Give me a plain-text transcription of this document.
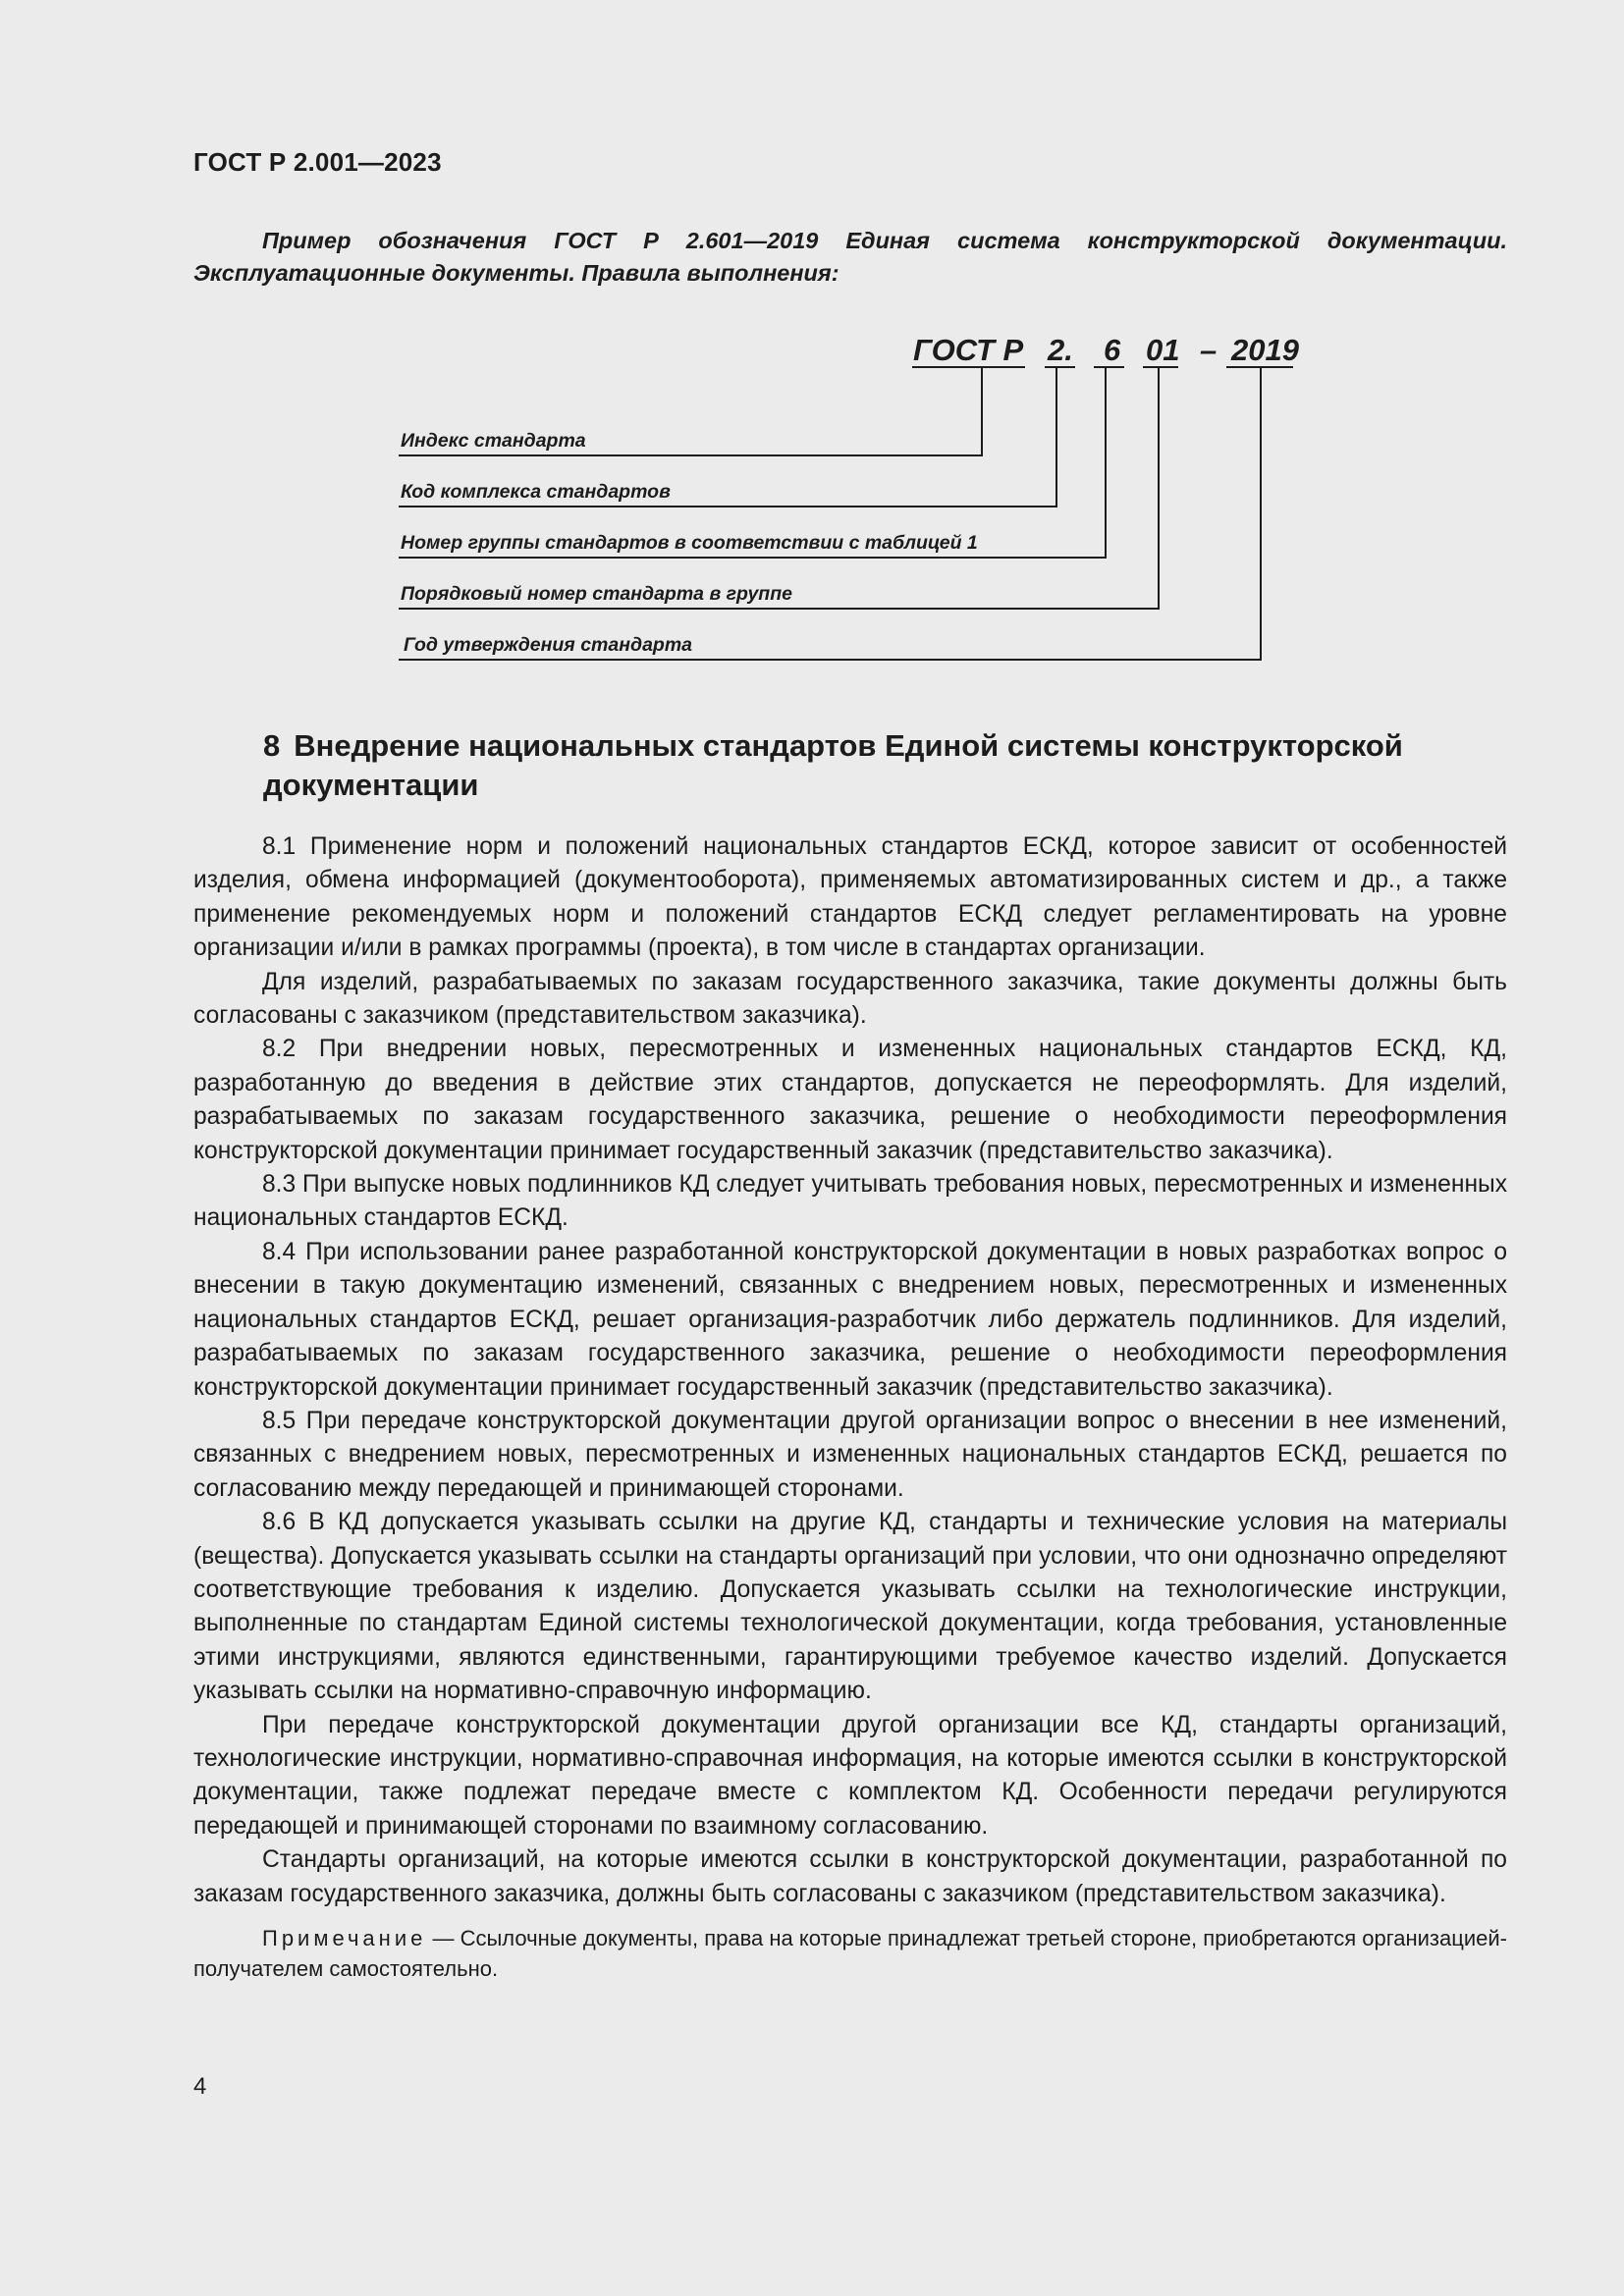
ГОСТ Р 2.001—2023

Пример обозначения ГОСТ Р 2.601—2019 Единая система конструкторской документации. Эксплуатационные документы. Правила выполнения:

ГОСТ Р 2. 6 01 – 2019
Индекс стандарта
Код комплекса стандартов
Номер группы стандартов в соответствии с таблицей 1
Порядковый номер стандарта в группе
Год утверждения стандарта
8 Внедрение национальных стандартов Единой системы конструкторской документации

8.1 Применение норм и положений национальных стандартов ЕСКД, которое зависит от особенностей изделия, обмена информацией (документооборота), применяемых автоматизированных систем и др., а также применение рекомендуемых норм и положений стандартов ЕСКД следует регламентировать на уровне организации и/или в рамках программы (проекта), в том числе в стандартах организации.

Для изделий, разрабатываемых по заказам государственного заказчика, такие документы должны быть согласованы с заказчиком (представительством заказчика).

8.2 При внедрении новых, пересмотренных и измененных национальных стандартов ЕСКД, КД, разработанную до введения в действие этих стандартов, допускается не переоформлять. Для изделий, разрабатываемых по заказам государственного заказчика, решение о необходимости переоформления конструкторской документации принимает государственный заказчик (представительство заказчика).

8.3 При выпуске новых подлинников КД следует учитывать требования новых, пересмотренных и измененных национальных стандартов ЕСКД.

8.4 При использовании ранее разработанной конструкторской документации в новых разработках вопрос о внесении в такую документацию изменений, связанных с внедрением новых, пересмотренных и измененных национальных стандартов ЕСКД, решает организация-разработчик либо держатель подлинников. Для изделий, разрабатываемых по заказам государственного заказчика, решение о необходимости переоформления конструкторской документации принимает государственный заказчик (представительство заказчика).

8.5 При передаче конструкторской документации другой организации вопрос о внесении в нее изменений, связанных с внедрением новых, пересмотренных и измененных национальных стандартов ЕСКД, решается по согласованию между передающей и принимающей сторонами.

8.6 В КД допускается указывать ссылки на другие КД, стандарты и технические условия на материалы (вещества). Допускается указывать ссылки на стандарты организаций при условии, что они однозначно определяют соответствующие требования к изделию. Допускается указывать ссылки на технологические инструкции, выполненные по стандартам Единой системы технологической документации, когда требования, установленные этими инструкциями, являются единственными, гарантирующими требуемое качество изделий. Допускается указывать ссылки на нормативно-справочную информацию.

При передаче конструкторской документации другой организации все КД, стандарты организаций, технологические инструкции, нормативно-справочная информация, на которые имеются ссылки в конструкторской документации, также подлежат передаче вместе с комплектом КД. Особенности передачи регулируются передающей и принимающей сторонами по взаимному согласованию.

Стандарты организаций, на которые имеются ссылки в конструкторской документации, разработанной по заказам государственного заказчика, должны быть согласованы с заказчиком (представительством заказчика).

Примечание — Ссылочные документы, права на которые принадлежат третьей стороне, приобретаются организацией-получателем самостоятельно.

4
